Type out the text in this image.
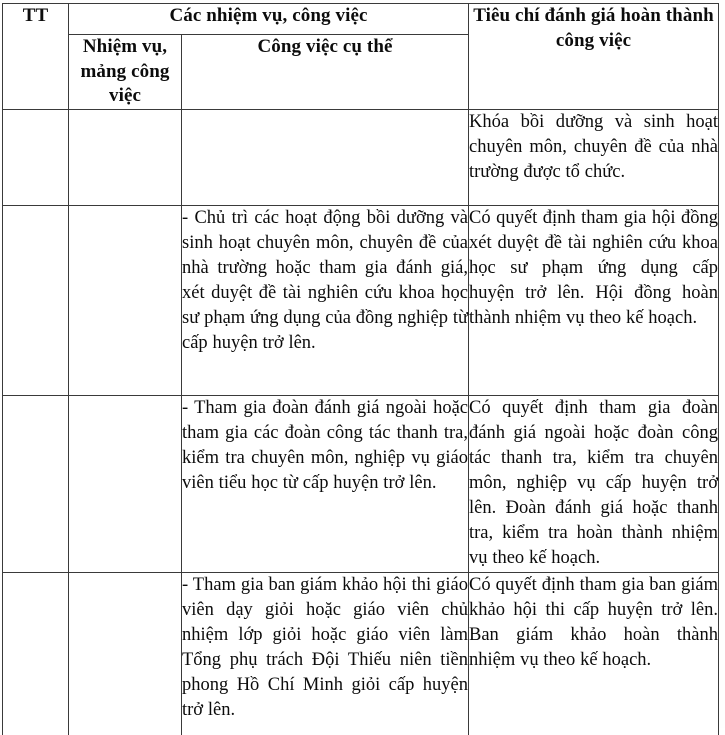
TT	Các nhiệm vụ, công việc		Tiêu chí đánh giá hoàn thành công việc
	Nhiệm vụ, mảng công việc	Công việc cụ thể	
			Khóa bồi dưỡng và sinh hoạt chuyên môn, chuyên đề của nhà trường được tổ chức.
		- Chủ trì các hoạt động bồi dưỡng và sinh hoạt chuyên môn, chuyên đề của nhà trường hoặc tham gia đánh giá, xét duyệt đề tài nghiên cứu khoa học sư phạm ứng dụng của đồng nghiệp từ cấp huyện trở lên.	Có quyết định tham gia hội đồng xét duyệt đề tài nghiên cứu khoa học sư phạm ứng dụng cấp huyện trở lên. Hội đồng hoàn thành nhiệm vụ theo kế hoạch.
		- Tham gia đoàn đánh giá ngoài hoặc tham gia các đoàn công tác thanh tra, kiểm tra chuyên môn, nghiệp vụ giáo viên tiểu học từ cấp huyện trở lên.	Có quyết định tham gia đoàn đánh giá ngoài hoặc đoàn công tác thanh tra, kiểm tra chuyên môn, nghiệp vụ cấp huyện trở lên. Đoàn đánh giá hoặc thanh tra, kiểm tra hoàn thành nhiệm vụ theo kế hoạch.
		- Tham gia ban giám khảo hội thi giáo viên dạy giỏi hoặc giáo viên chủ nhiệm lớp giỏi hoặc giáo viên làm Tổng phụ trách Đội Thiếu niên tiền phong Hồ Chí Minh giỏi cấp huyện trở lên.	Có quyết định tham gia ban giám khảo hội thi cấp huyện trở lên. Ban giám khảo hoàn thành nhiệm vụ theo kế hoạch.
